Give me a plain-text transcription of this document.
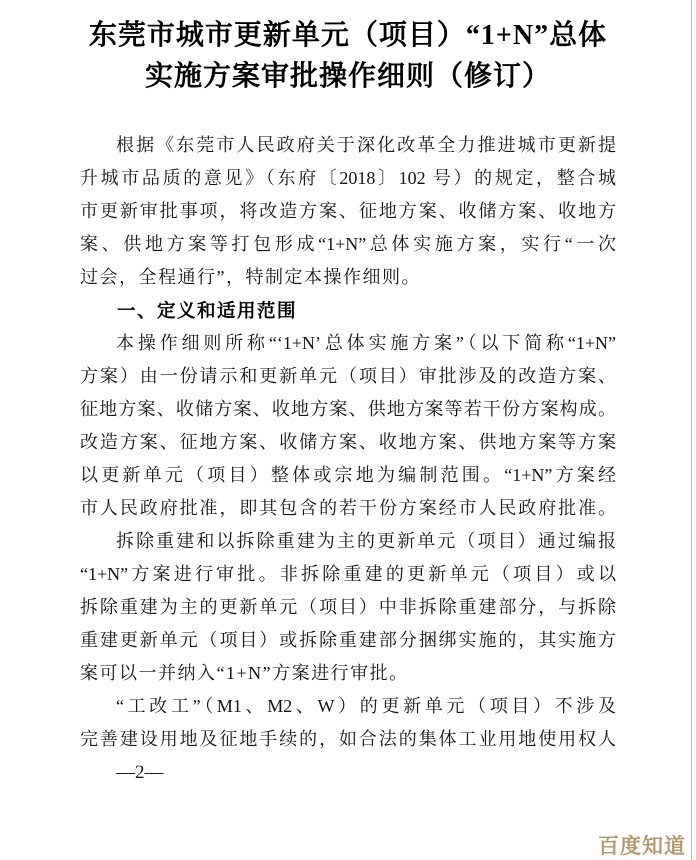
东莞市城市更新单元（项目）“1+N”总体
实施方案审批操作细则（修订）
根据《东莞市人民政府关于深化改革全力推进城市更新提
升城市品质的意见》（东府〔2018〕102 号）的规定，整合城
市更新审批事项，将改造方案、征地方案、收储方案、收地方
案、供地方案等打包形成“1+N”总体实施方案，实行“一次
过会，全程通行”，特制定本操作细则。
一、定义和适用范围
本操作细则所称“‘1+N’总体实施方案”（以下简称“1+N”
方案）由一份请示和更新单元（项目）审批涉及的改造方案、
征地方案、收储方案、收地方案、供地方案等若干份方案构成。
改造方案、征地方案、收储方案、收地方案、供地方案等方案
以更新单元（项目）整体或宗地为编制范围。“1+N”方案经
市人民政府批准，即其包含的若干份方案经市人民政府批准。
拆除重建和以拆除重建为主的更新单元（项目）通过编报
“1+N”方案进行审批。非拆除重建的更新单元（项目）或以
拆除重建为主的更新单元（项目）中非拆除重建部分，与拆除
重建更新单元（项目）或拆除重建部分捆绑实施的，其实施方
案可以一并纳入“1+N”方案进行审批。
“工改工”（M1、M2、W）的更新单元（项目）不涉及
完善建设用地及征地手续的，如合法的集体工业用地使用权人
—2—
百度知道
